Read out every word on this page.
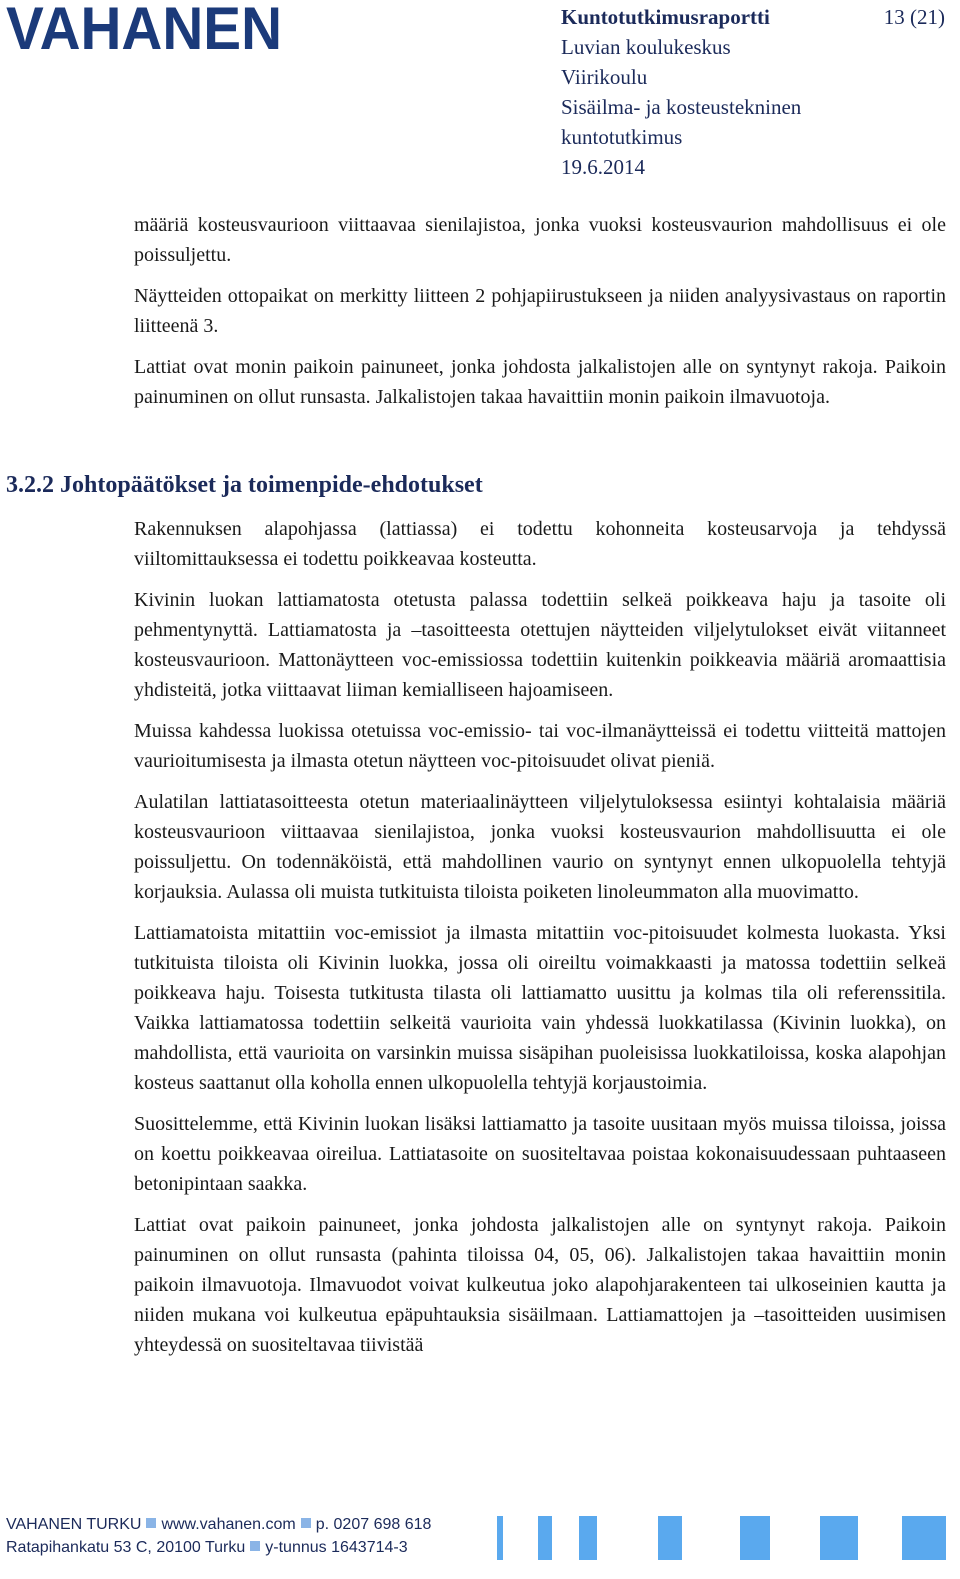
VAHANEN	Kuntotutkimusraportti	13 (21)
Luvian koulukeskus
Viirikoulu
Sisäilma- ja kosteustekninen
kuntotutkimus
19.6.2014

määriä kosteusvaurioon viittaavaa sienilajistoa, jonka vuoksi kosteusvaurion mahdollisuus ei ole poissuljettu.

Näytteiden ottopaikat on merkitty liitteen 2 pohjapiirustukseen ja niiden analyysivastaus on raportin liitteenä 3.

Lattiat ovat monin paikoin painuneet, jonka johdosta jalkalistojen alle on syntynyt rakoja. Paikoin painuminen on ollut runsasta. Jalkalistojen takaa havaittiin monin paikoin ilmavuotoja.

3.2.2 Johtopäätökset ja toimenpide-ehdotukset

Rakennuksen alapohjassa (lattiassa) ei todettu kohonneita kosteusarvoja ja tehdyssä viiltomittauksessa ei todettu poikkeavaa kosteutta.

Kivinin luokan lattiamatosta otetusta palassa todettiin selkeä poikkeava haju ja tasoite oli pehmentynyttä. Lattiamatosta ja –tasoitteesta otettujen näytteiden viljelytulokset eivät viitanneet kosteusvaurioon. Mattonäytteen voc-emissiossa todettiin kuitenkin poikkeavia määriä aromaattisia yhdisteitä, jotka viittaavat liiman kemialliseen hajoamiseen.

Muissa kahdessa luokissa otetuissa voc-emissio- tai voc-ilmanäytteissä ei todettu viitteitä mattojen vaurioitumisesta ja ilmasta otetun näytteen voc-pitoisuudet olivat pieniä.

Aulatilan lattiatasoitteesta otetun materiaalinäytteen viljelytuloksessa esiintyi kohtalaisia määriä kosteusvaurioon viittaavaa sienilajistoa, jonka vuoksi kosteusvaurion mahdollisuutta ei ole poissuljettu. On todennäköistä, että mahdollinen vaurio on syntynyt ennen ulkopuolella tehtyjä korjauksia. Aulassa oli muista tutkituista tiloista poiketen linoleummaton alla muovimatto.

Lattiamatoista mitattiin voc-emissiot ja ilmasta mitattiin voc-pitoisuudet kolmesta luokasta. Yksi tutkituista tiloista oli Kivinin luokka, jossa oli oireiltu voimakkaasti ja matossa todettiin selkeä poikkeava haju. Toisesta tutkitusta tilasta oli lattiamatto uusittu ja kolmas tila oli referenssitila. Vaikka lattiamatossa todettiin selkeitä vaurioita vain yhdessä luokkatilassa (Kivinin luokka), on mahdollista, että vaurioita on varsinkin muissa sisäpihan puoleisissa luokkatiloissa, koska alapohjan kosteus saattanut olla koholla ennen ulkopuolella tehtyjä korjaustoimia.

Suosittelemme, että Kivinin luokan lisäksi lattiamatto ja tasoite uusitaan myös muissa tiloissa, joissa on koettu poikkeavaa oireilua. Lattiatasoite on suositeltavaa poistaa kokonaisuudessaan puhtaaseen betonipintaan saakka.

Lattiat ovat paikoin painuneet, jonka johdosta jalkalistojen alle on syntynyt rakoja. Paikoin painuminen on ollut runsasta (pahinta tiloissa 04, 05, 06). Jalkalistojen takaa havaittiin monin paikoin ilmavuotoja. Ilmavuodot voivat kulkeutua joko alapohjarakenteen tai ulkoseinien kautta ja niiden mukana voi kulkeutua epäpuhtauksia sisäilmaan. Lattiamattojen ja –tasoitteiden uusimisen yhteydessä on suositeltavaa tiivistää

VAHANEN TURKU www.vahanen.com p. 0207 698 618
Ratapihankatu 53 C, 20100 Turku y-tunnus 1643714-3
